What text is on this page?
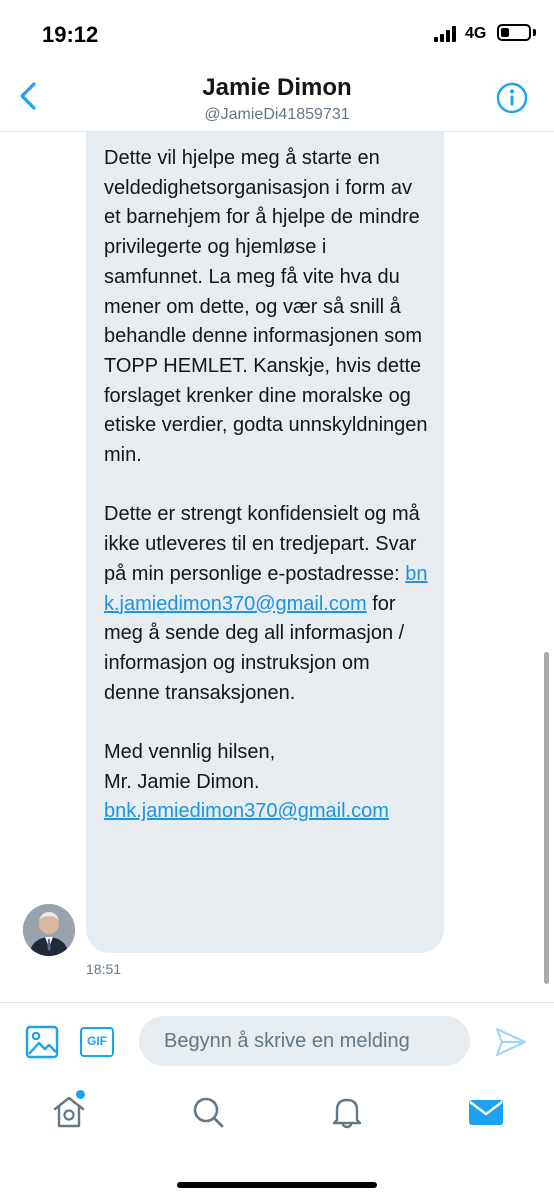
19:12	4G
Jamie Dimon
@JamieDi41859731

Dette vil hjelpe meg å starte en veldedighetsorganisasjon i form av et barnehjem for å hjelpe de mindre privilegerte og hjemløse i samfunnet. La meg få vite hva du mener om dette, og vær så snill å behandle denne informasjonen som TOPP HEMLET. Kanskje, hvis dette forslaget krenker dine moralske og etiske verdier, godta unnskyldningen min.

Dette er strengt konfidensielt og må ikke utleveres til en tredjepart. Svar på min personlige e-postadresse: bnk.jamiedimon370@gmail.com for meg å sende deg all informasjon / informasjon og instruksjon om denne transaksjonen.

Med vennlig hilsen,
Mr. Jamie Dimon.
bnk.jamiedimon370@gmail.com

18:51
GIF
Begynn å skrive en melding
